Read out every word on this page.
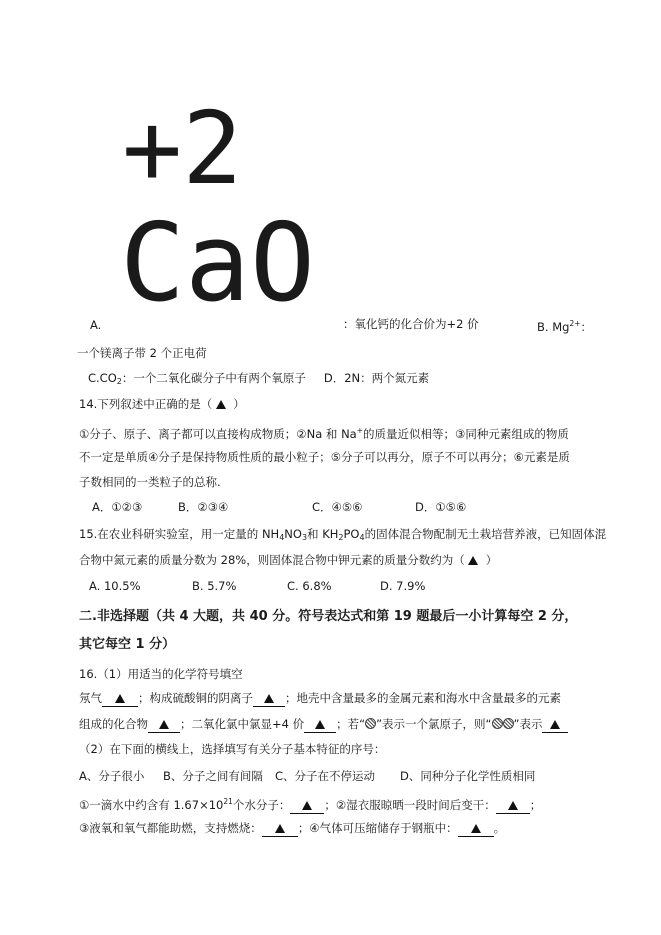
+2
CaO
A.	：氧化钙的化合价为+2 价	B. $Mg^{2+}$：
一个镁离子带 2 个正电荷
$C.CO_2$：一个二氧化碳分子中有两个氧原子 D．2N：两个氮元素
14.下列叙述中正确的是（ ）
①分子、原子、离子都可以直接构成物质；②Na 和 Na+的质量近似相等；③同种元素组成的物质
不一定是单质④分子是保持物质性质的最小粒子；⑤分子可以再分，原子不可以再分；⑥元素是质
子数相同的一类粒子的总称.
A．①②③	B．②③④	C．④⑤⑥	D．①⑤⑥
15.在农业科研实验室，用一定量的 $NH_4NO_3$和 $KH_2PO_4$的固体混合物配制无土栽培营养液，已知固体混
合物中氮元素的质量分数为 28%，则固体混合物中钾元素的质量分数约为（ ）
A. 10.5%	B. 5.7%	C. 6.8%	D. 7.9%
二.非选择题（共 4 大题，共 40 分。符号表达式和第 19 题最后一小计算每空 2 分，
其它每空 1 分）
16.（1）用适当的化学符号填空
氖气	；构成硫酸铜的阴离子	；地壳中含量最多的金属元素和海水中含量最多的元素
组成的化合物	；二氧化氯中氯显+4 价	；若“ ”表示一个氯原子，则“ ”表示
（2）在下面的横线上，选择填写有关分子基本特征的序号：
A、分子很小 B、分子之间有间隔 C、分子在不停运动 D、同种分子化学性质相同
①一滴水中约含有 $1.67\times 10^{21}$个水分子：	；②湿衣服晾晒一段时间后变干：	；
③液氧和氧气都能助燃，支持燃烧：	；④气体可压缩储存于钢瓶中：	。
